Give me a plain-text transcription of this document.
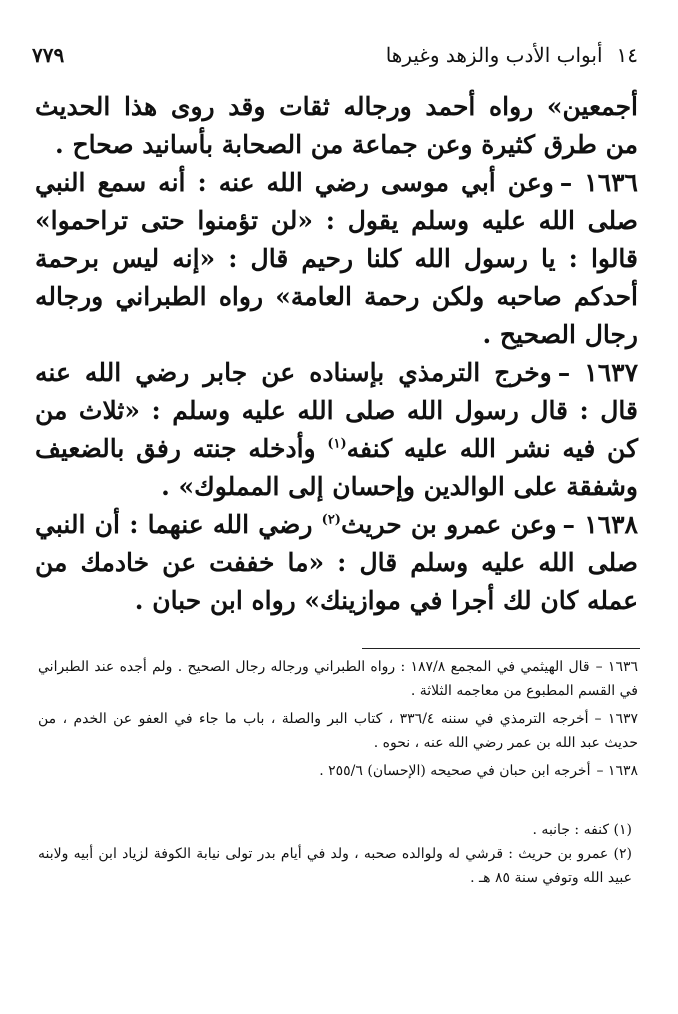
١٤
أبواب الأدب والزهد وغيرها
٧٧٩

أجمعين» رواه أحمد ورجاله ثقات وقد روى هذا الحديث من طرق كثيرة وعن جماعة من الصحابة بأسانيد صحاح .

١٦٣٦ –وعن أبي موسى رضي الله عنه : أنه سمع النبي صلى الله عليه وسلم يقول : «لن تؤمنوا حتى تراحموا» قالوا : يا رسول الله كلنا رحيم قال : «إنه ليس برحمة أحدكم صاحبه ولكن رحمة العامة» رواه الطبراني ورجاله رجال الصحيح .

١٦٣٧ –وخرج الترمذي بإسناده عن جابر رضي الله عنه قال : قال رسول الله صلى الله عليه وسلم : «ثلاث من كن فيه نشر الله عليه كنفه$^{(١)}$ وأدخله جنته رفق بالضعيف وشفقة على الوالدين وإحسان إلى المملوك» .

١٦٣٨ –وعن عمرو بن حريث$^{(٢)}$ رضي الله عنهما : أن النبي صلى الله عليه وسلم قال : «ما خففت عن خادمك من عمله كان لك أجرا في موازينك» رواه ابن حبان .

١٦٣٦ –قال الهيثمي في المجمع ١٨٧/٨ : رواه الطبراني ورجاله رجال الصحيح . ولم أجده عند الطبراني في القسم المطبوع من معاجمه الثلاثة .

١٦٣٧ –أخرجه الترمذي في سننه ٣٣٦/٤ ، كتاب البر والصلة ، باب ما جاء في العفو عن الخدم ، من حديث عبد الله بن عمر رضي الله عنه ، نحوه .

١٦٣٨ –أخرجه ابن حبان في صحيحه (الإحسان) ٢٥٥/٦ .

(١) كنفه : جانبه .

(٢) عمرو بن حريث : قرشي له ولوالده صحبه ، ولد في أيام بدر تولى نيابة الكوفة لزياد ابن أبيه ولابنه عبيد الله وتوفي سنة ٨٥ هـ .
